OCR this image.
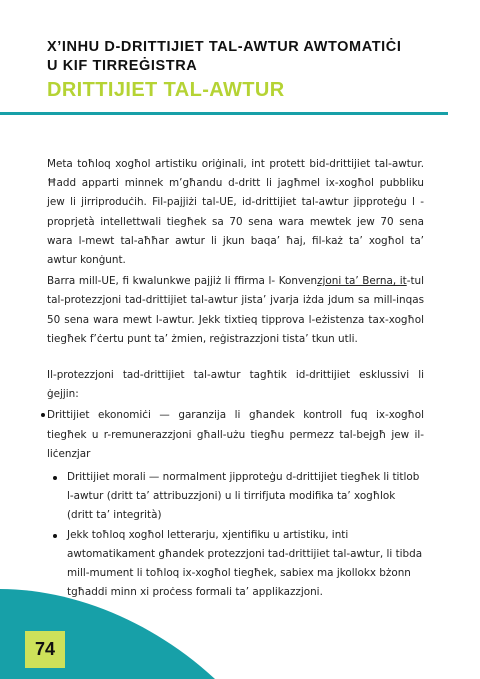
X’INHU D-DRITTIJIET TAL-AWTUR AWTOMATIĊI
U KIF TIRREĠISTRA
DRITTIJIET TAL-AWTUR

Meta toħloq xogħol artistiku oriġinali, int protett bid-drittijiet tal-awtur. Ħadd apparti minnek m’għandu d-dritt li jagħmel ix-xogħol pubbliku jew li jirriproduċih. Fil-pajjiżi tal-UE, id-drittijiet tal-awtur jipproteġu l - proprjetà intellettwali tiegħek sa 70 sena wara mewtek jew 70 sena wara l-mewt tal-aħħar awtur li jkun baqa’ ħaj, fil-każ ta’ xogħol ta’ awtur konġunt.

Barra mill-UE, fi kwalunkwe pajjiż li ffirma l- Konvenzjoni ta’ Berna, it-tul tal-protezzjoni tad-drittijiet tal-awtur jista’ jvarja iżda jdum sa mill-inqas 50 sena wara mewt l-awtur. Jekk tixtieq tipprova l-eżistenza tax-xogħol tiegħek f’ċertu punt ta’ żmien, reġistrazzjoni tista’ tkun utli.

Il-protezzjoni tad-drittijiet tal-awtur tagħtik id-drittijiet esklussivi li ġejjin:

Drittijiet ekonomiċi — garanzija li għandek kontroll fuq ix-xogħol tiegħek u r-remunerazzjoni għall-użu tiegħu permezz tal-bejgħ jew il-liċenzjar

Drittijiet morali — normalment jipproteġu d-drittijiet tiegħek li titlob l-awtur (dritt ta’ attribuzzjoni) u li tirrifjuta modifika ta’ xogħlok (dritt ta’ integrità)
Jekk toħloq xogħol letterarju, xjentifiku u artistiku, inti awtomatikament għandek protezzjoni tad-drittijiet tal-awtur, li tibda mill-mument li toħloq ix-xogħol tiegħek, sabiex ma jkollokx bżonn tgħaddi minn xi proċess formali ta’ applikazzjoni.
74
